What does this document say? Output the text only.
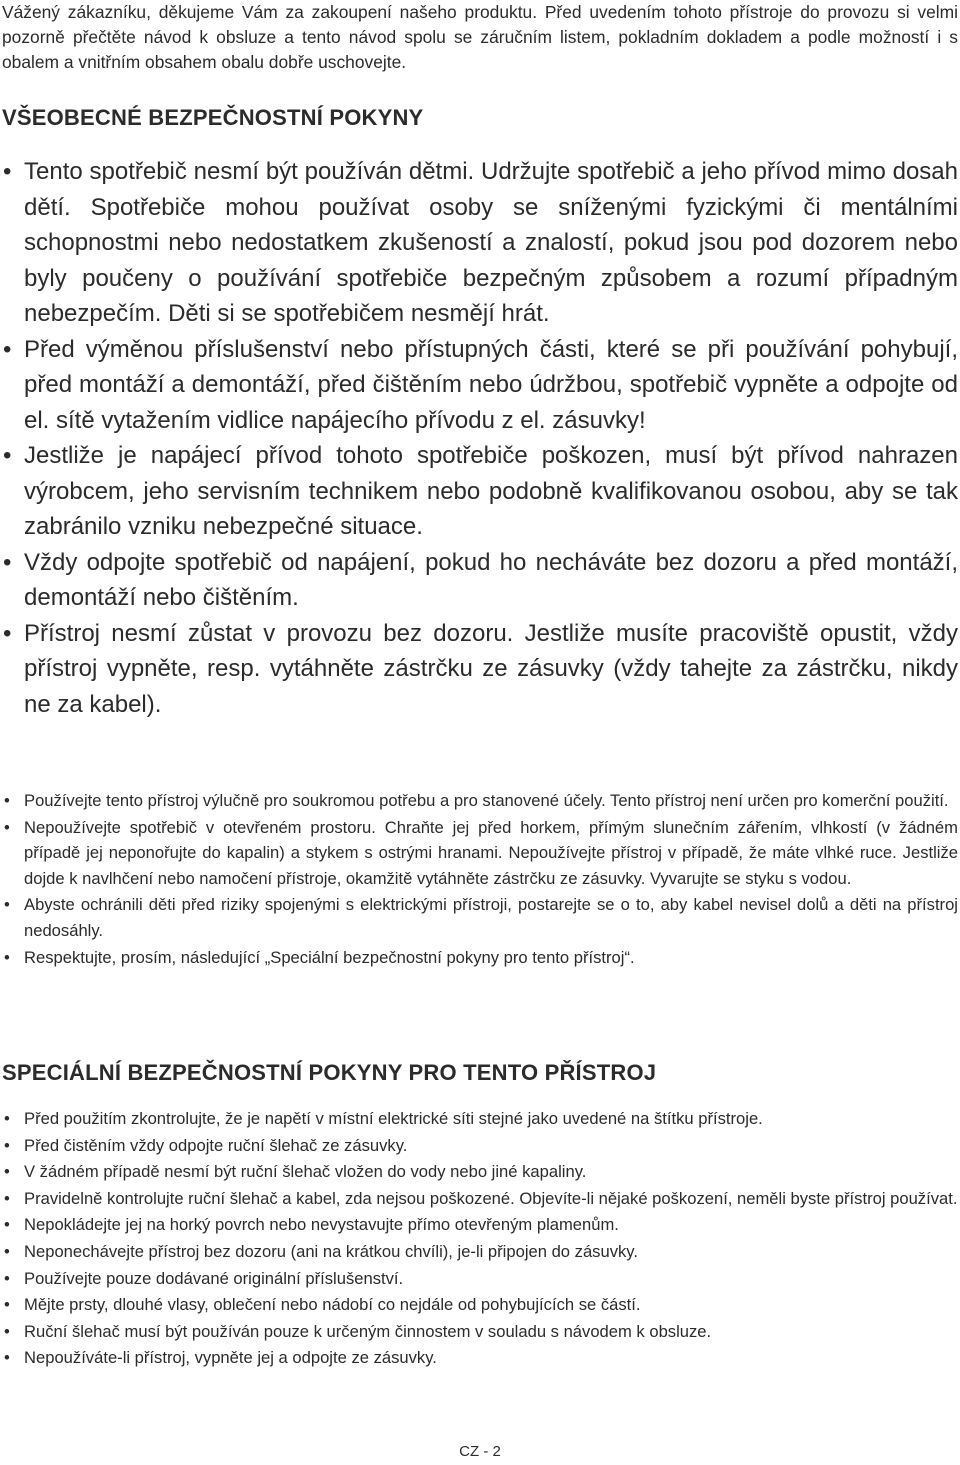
Vážený zákazníku, děkujeme Vám za zakoupení našeho produktu. Před uvedením tohoto přístroje do provozu si velmi pozorně přečtěte návod k obsluze a tento návod spolu se záručním listem, pokladním dokladem a podle možností i s obalem a vnitřním obsahem obalu dobře uschovejte.

VŠEOBECNÉ BEZPEČNOSTNÍ POKYNY
• Tento spotřebič nesmí být používán dětmi. Udržujte spotřebič a jeho přívod mimo dosah dětí. Spotřebiče mohou používat osoby se sníženými fyzickými či mentálními schopnostmi nebo nedostatkem zkušeností a znalostí, pokud jsou pod dozorem nebo byly poučeny o používání spotřebiče bezpečným způsobem a rozumí případným nebezpečím. Děti si se spotřebičem nesmějí hrát.
• Před výměnou příslušenství nebo přístupných části, které se při používání pohybují, před montáží a demontáží, před čištěním nebo údržbou, spotřebič vypněte a odpojte od el. sítě vytažením vidlice napájecího přívodu z el. zásuvky!
• Jestliže je napájecí přívod tohoto spotřebiče poškozen, musí být přívod nahrazen výrobcem, jeho servisním technikem nebo podobně kvalifikovanou osobou, aby se tak zabránilo vzniku nebezpečné situace.
• Vždy odpojte spotřebič od napájení, pokud ho necháváte bez dozoru a před montáží, demontáží nebo čištěním.
• Přístroj nesmí zůstat v provozu bez dozoru. Jestliže musíte pracoviště opustit, vždy přístroj vypněte, resp. vytáhněte zástrčku ze zásuvky (vždy tahejte za zástrčku, nikdy ne za kabel).
• Používejte tento přístroj výlučně pro soukromou potřebu a pro stanovené účely. Tento přístroj není určen pro komerční použití.
• Nepoužívejte spotřebič v otevřeném prostoru. Chraňte jej před horkem, přímým slunečním zářením, vlhkostí (v žádném případě jej neponořujte do kapalin) a stykem s ostrými hranami. Nepoužívejte přístroj v případě, že máte vlhké ruce. Jestliže dojde k navlhčení nebo namočení přístroje, okamžitě vytáhněte zástrčku ze zásuvky. Vyvarujte se styku s vodou.
• Abyste ochránili děti před riziky spojenými s elektrickými přístroji, postarejte se o to, aby kabel nevisel dolů a děti na přístroj nedosáhly.
• Respektujte, prosím, následující „Speciální bezpečnostní pokyny pro tento přístroj“.
SPECIÁLNÍ BEZPEČNOSTNÍ POKYNY PRO TENTO PŘÍSTROJ
• Před použitím zkontrolujte, že je napětí v místní elektrické síti stejné jako uvedené na štítku přístroje.
• Před čistěním vždy odpojte ruční šlehač ze zásuvky.
• V žádném případě nesmí být ruční šlehač vložen do vody nebo jiné kapaliny.
• Pravidelně kontrolujte ruční šlehač a kabel, zda nejsou poškozené. Objevíte-li nějaké poškození, neměli byste přístroj používat.
• Nepokládejte jej na horký povrch nebo nevystavujte přímo otevřeným plamenům.
• Neponechávejte přístroj bez dozoru (ani na krátkou chvíli), je-li připojen do zásuvky.
• Používejte pouze dodávané originální příslušenství.
• Mějte prsty, dlouhé vlasy, oblečení nebo nádobí co nejdále od pohybujících se částí.
• Ruční šlehač musí být používán pouze k určeným činnostem v souladu s návodem k obsluze.
• Nepoužíváte-li přístroj, vypněte jej a odpojte ze zásuvky.
CZ - 2
